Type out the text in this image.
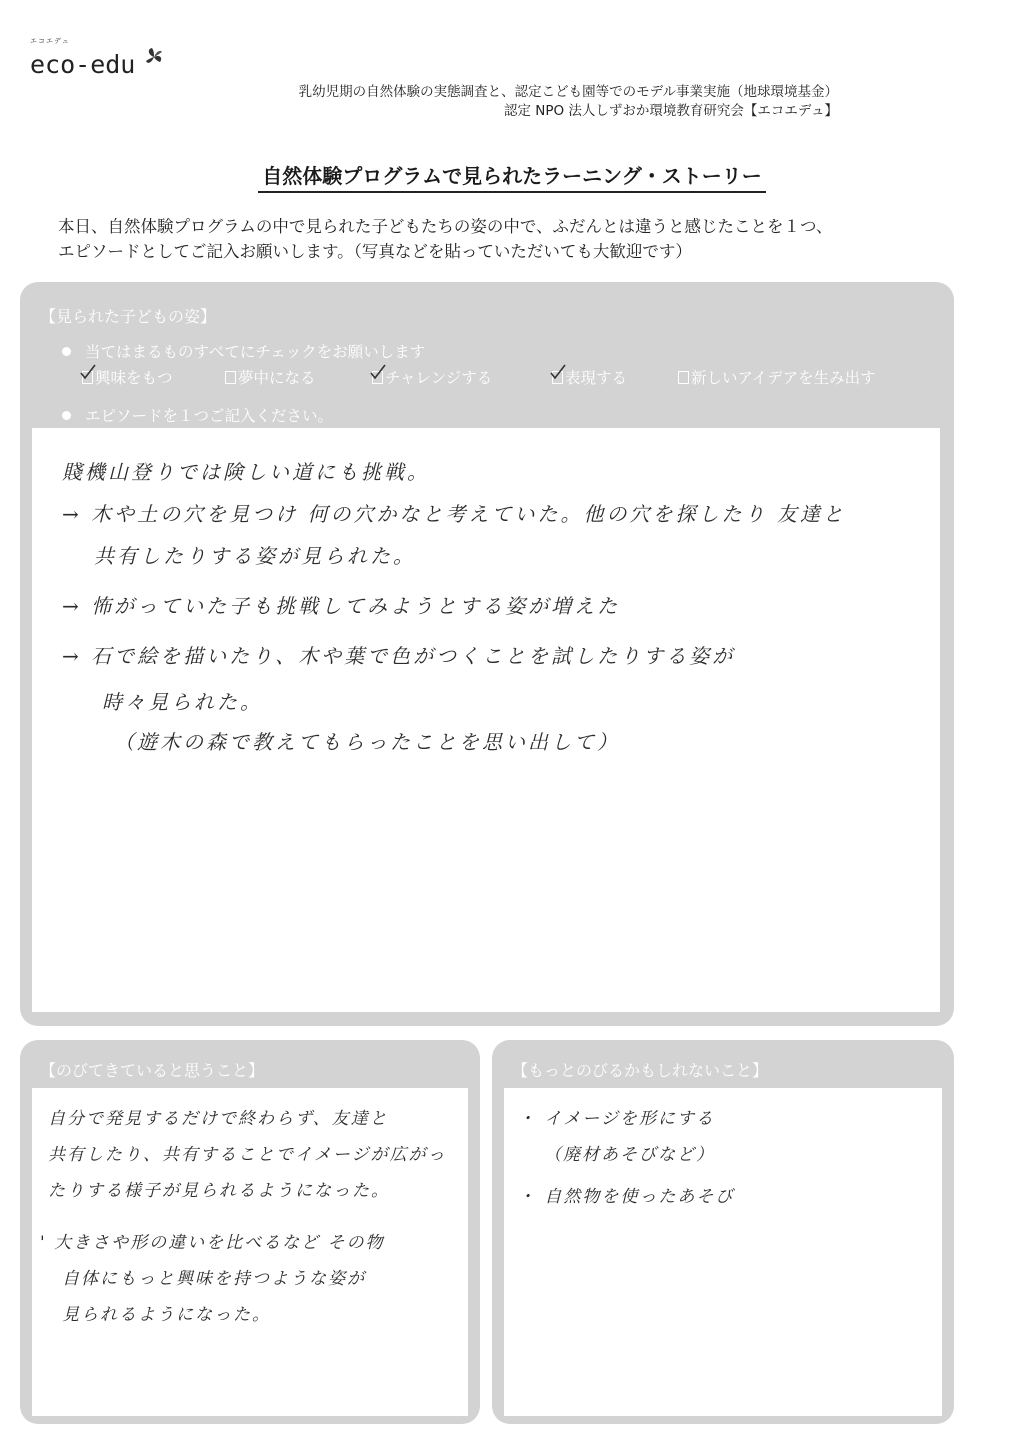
エコエデュ
eco-edu
乳幼児期の自然体験の実態調査と、認定こども園等でのモデル事業実施（地球環境基金）
認定 NPO 法人しずおか環境教育研究会【エコエデュ】
自然体験プログラムで見られたラーニング・ストーリー
本日、自然体験プログラムの中で見られた子どもたちの姿の中で、ふだんとは違うと感じたことを１つ、
エピソードとしてご記入お願いします。（写真などを貼っていただいても大歓迎です）
【見られた子どもの姿】
当てはまるものすべてにチェックをお願いします
興味をもつ	夢中になる	チャレンジする	表現する	新しいアイデアを生み出す
エピソードを１つご記入ください。
賤機山登りでは険しい道にも挑戦。
→ 木や土の穴を見つけ 何の穴かなと考えていた。他の穴を探したり 友達と
共有したりする姿が見られた。
→ 怖がっていた子も挑戦してみようとする姿が増えた
→ 石で絵を描いたり、木や葉で色がつくことを試したりする姿が
時々見られた。
（遊木の森で教えてもらったことを思い出して）
【のびてきていると思うこと】
自分で発見するだけで終わらず、友達と
共有したり、共有することでイメージが広がっ
たりする様子が見られるようになった。
' 大きさや形の違いを比べるなど その物
自体にもっと興味を持つような姿が
見られるようになった。
【もっとのびるかもしれないこと】
・ イメージを形にする
（廃材あそびなど）
・ 自然物を使ったあそび
